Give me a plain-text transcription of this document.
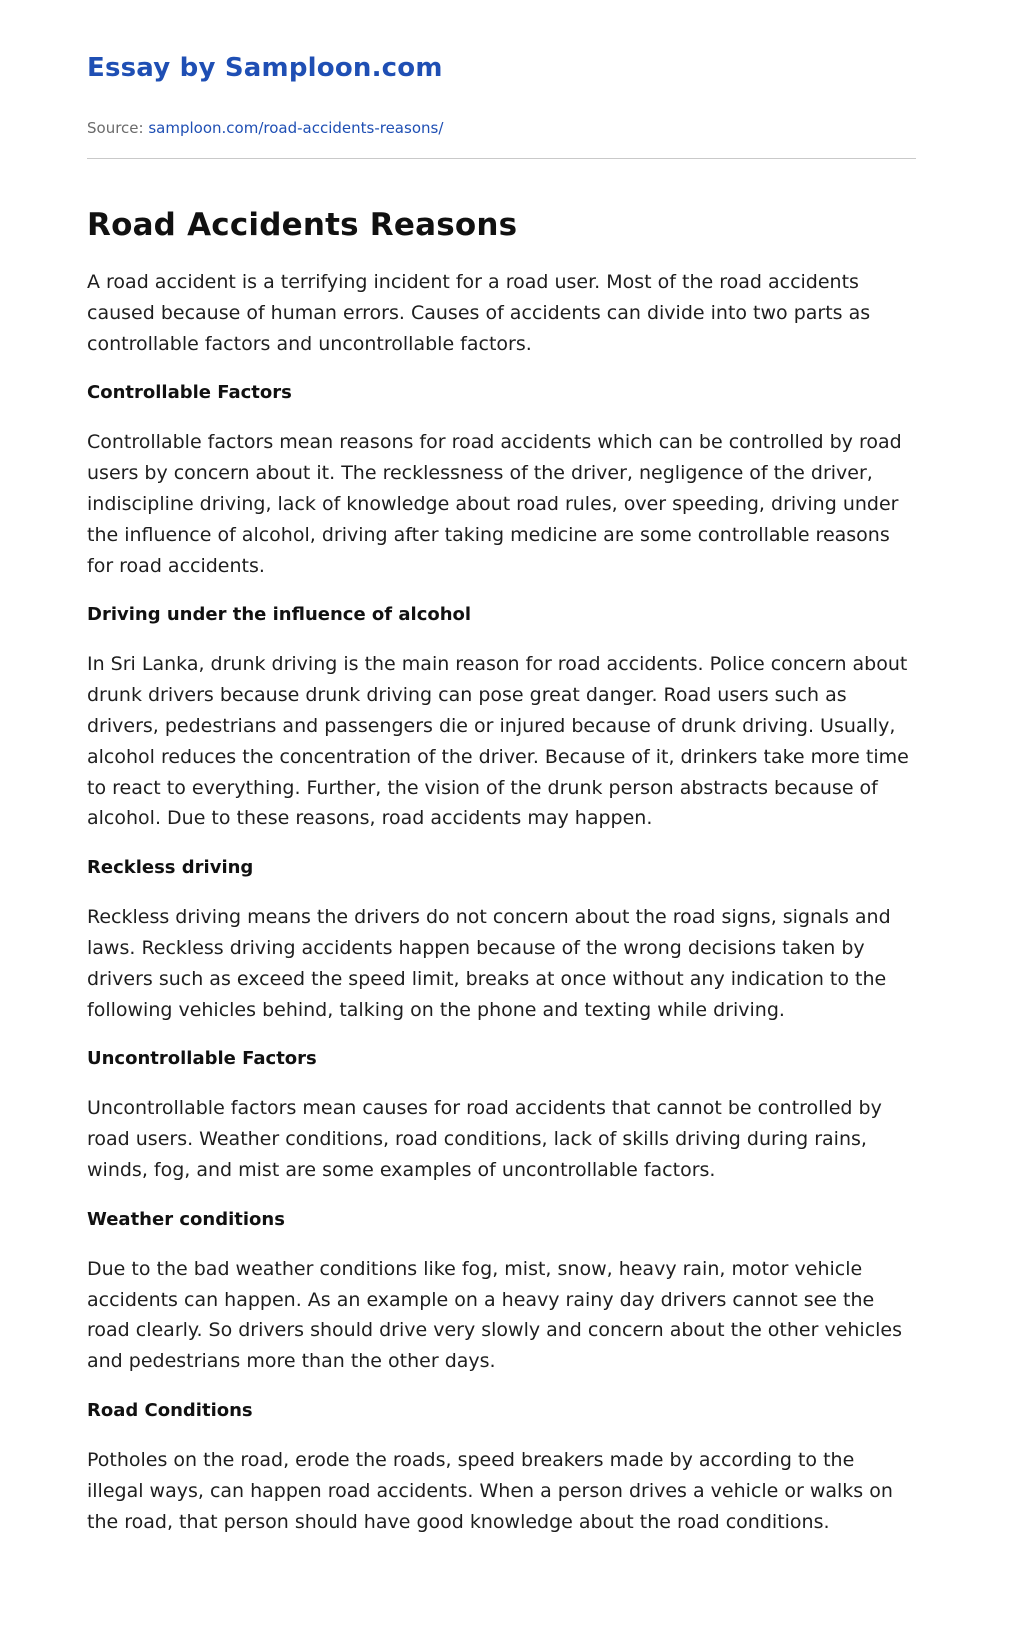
Essay by Samploon.com
Source: samploon.com/road-accidents-reasons/
Road Accidents Reasons

A road accident is a terrifying incident for a road user. Most of the road accidents caused because of human errors. Causes of accidents can divide into two parts as controllable factors and uncontrollable factors.

Controllable Factors

Controllable factors mean reasons for road accidents which can be controlled by road users by concern about it. The recklessness of the driver, negligence of the driver, indiscipline driving, lack of knowledge about road rules, over speeding, driving under the influence of alcohol, driving after taking medicine are some controllable reasons for road accidents.

Driving under the influence of alcohol

In Sri Lanka, drunk driving is the main reason for road accidents. Police concern about drunk drivers because drunk driving can pose great danger. Road users such as drivers, pedestrians and passengers die or injured because of drunk driving. Usually, alcohol reduces the concentration of the driver. Because of it, drinkers take more time to react to everything. Further, the vision of the drunk person abstracts because of alcohol. Due to these reasons, road accidents may happen.

Reckless driving

Reckless driving means the drivers do not concern about the road signs, signals and laws. Reckless driving accidents happen because of the wrong decisions taken by drivers such as exceed the speed limit, breaks at once without any indication to the following vehicles behind, talking on the phone and texting while driving.

Uncontrollable Factors

Uncontrollable factors mean causes for road accidents that cannot be controlled by road users. Weather conditions, road conditions, lack of skills driving during rains, winds, fog, and mist are some examples of uncontrollable factors.

Weather conditions

Due to the bad weather conditions like fog, mist, snow, heavy rain, motor vehicle accidents can happen. As an example on a heavy rainy day drivers cannot see the road clearly. So drivers should drive very slowly and concern about the other vehicles and pedestrians more than the other days.

Road Conditions

Potholes on the road, erode the roads, speed breakers made by according to the illegal ways, can happen road accidents. When a person drives a vehicle or walks on the road, that person should have good knowledge about the road conditions.
